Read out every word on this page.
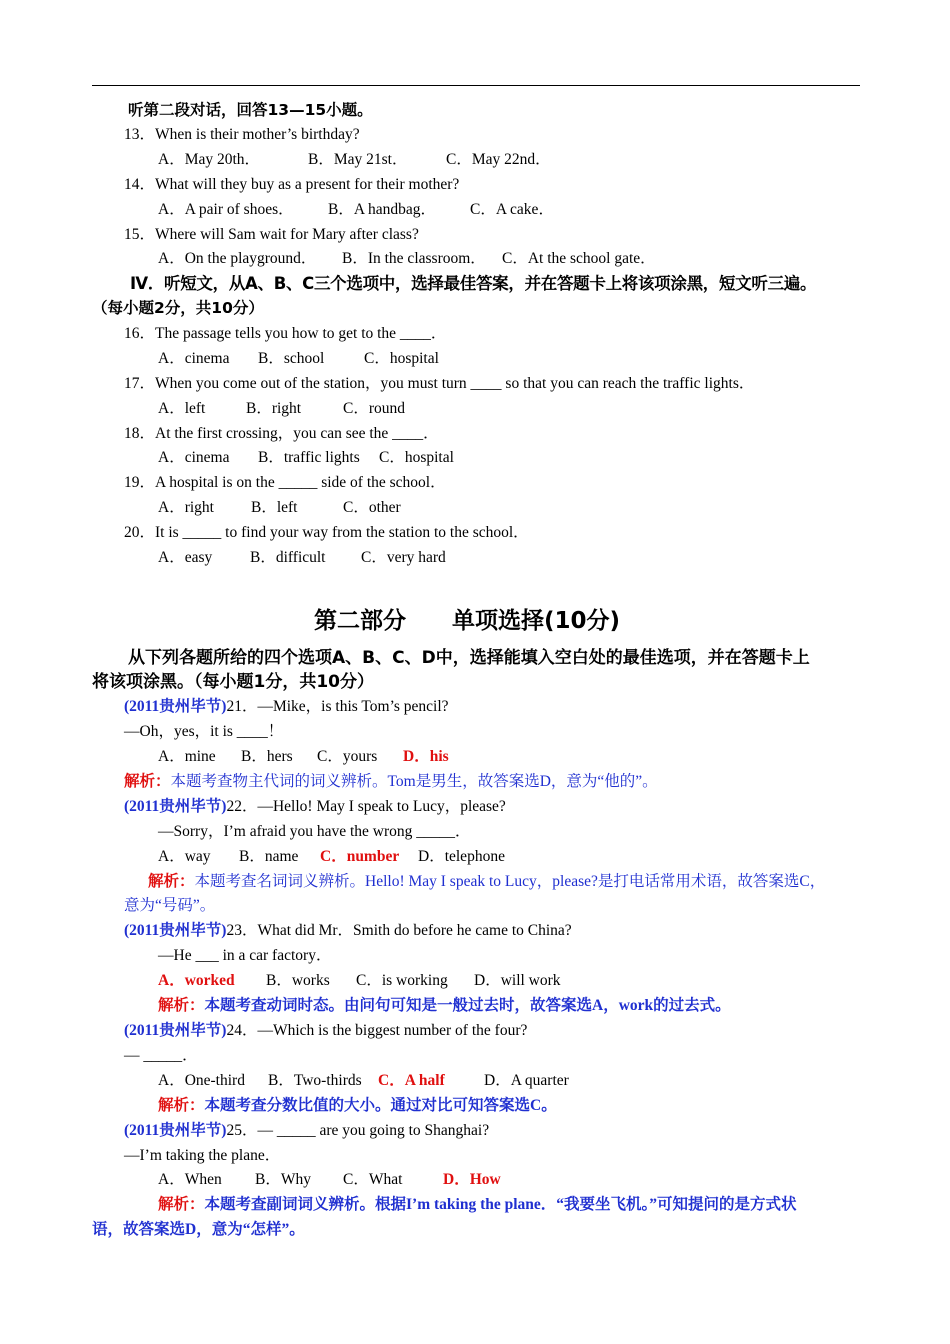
听第二段对话，回答13—15小题。
13．When is their mother’s birthday?
A．May 20th．	B．May 21st． C．May 22nd．
14．What will they buy as a present for their mother?
A．A pair of shoes． B．A handbag． C．A cake．
15．Where will Sam wait for Mary after class?
A．On the playground． B．In the classroom． C．At the school gate．
Ⅳ．听短文，从A、B、C三个选项中，选择最佳答案，并在答题卡上将该项涂黑，短文听三遍。
（每小题2分，共10分）
16．The passage tells you how to get to the ____．
A．cinema B．school	C．hospital
17．When you come out of the station，you must turn ____ so that you can reach the traffic lights．
A．left	B．right	C．round
18．At the first crossing，you can see the ____．
A．cinema B．traffic lights C．hospital
19．A hospital is on the _____ side of the school．
A．right B．left	C．other
20．It is _____ to find your way from the station to the school．
A．easy B．difficult C．very hard
第二部分　　单项选择(10分)
从下列各题所给的四个选项A、B、C、D中，选择能填入空白处的最佳选项，并在答题卡上
将该项涂黑。（每小题1分，共10分）
(2011贵州毕节)21．—Mike，is this Tom’s pencil?
—Oh，yes，it is ____！
A．mine B．hers C．yours D．his
解析：本题考查物主代词的词义辨析。Tom是男生，故答案选D，意为“他的”。
(2011贵州毕节)22．—Hello! May I speak to Lucy，please?
—Sorry，I’m afraid you have the wrong _____．
A．way B．name C．number D．telephone
解析：本题考查名词词义辨析。Hello! May I speak to Lucy，please?是打电话常用术语，故答案选C，
意为“号码”。
(2011贵州毕节)23．What did Mr．Smith do before he came to China?
—He ___ in a car factory．
A．worked B．works C．is working D．will work
解析：本题考查动词时态。由问句可知是一般过去时，故答案选A，work的过去式。
(2011贵州毕节)24．—Which is the biggest number of the four?
— _____．
A．One-third B．Two-thirds C．A half	D．A quarter
解析：本题考查分数比值的大小。通过对比可知答案选C。
(2011贵州毕节)25．— _____ are you going to Shanghai?
—I’m taking the plane．
A．When B．Why C．What	D．How
解析：本题考查副词词义辨析。根据I’m taking the plane．“我要坐飞机。”可知提问的是方式状
语，故答案选D，意为“怎样”。
